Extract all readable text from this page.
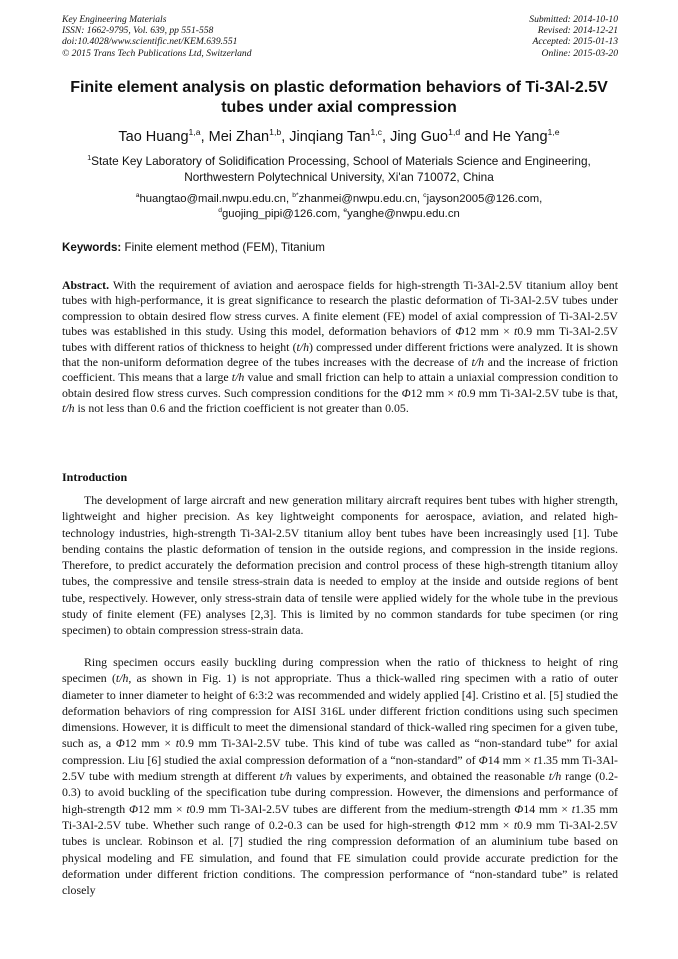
Key Engineering Materials
ISSN: 1662-9795, Vol. 639, pp 551-558
doi:10.4028/www.scientific.net/KEM.639.551
© 2015 Trans Tech Publications Ltd, Switzerland
Submitted: 2014-10-10
Revised: 2014-12-21
Accepted: 2015-01-13
Online: 2015-03-20
Finite element analysis on plastic deformation behaviors of Ti-3Al-2.5V
tubes under axial compression
Tao Huang$^{1,a}$, Mei Zhan$^{1,b}$, Jinqiang Tan$^{1,c}$, Jing Guo$^{1,d}$ and He Yang$^{1,e}$
$^1$State Key Laboratory of Solidification Processing, School of Materials Science and Engineering,
Northwestern Polytechnical University, Xi'an 710072, China
$^a$huangtao@mail.nwpu.edu.cn, $^{b*}$zhanmei@nwpu.edu.cn, $^c$jayson2005@126.com,
$^d$guojing_pipi@126.com, $^e$yanghe@nwpu.edu.cn
Keywords: Finite element method (FEM), Titanium

Abstract. With the requirement of aviation and aerospace fields for high-strength Ti-3Al-2.5V titanium alloy bent tubes with high-performance, it is great significance to research the plastic deformation of Ti-3Al-2.5V tubes under compression to obtain desired flow stress curves. A finite element (FE) model of axial compression of Ti-3Al-2.5V tubes was established in this study. Using this model, deformation behaviors of Φ12 mm × t0.9 mm Ti-3Al-2.5V tubes with different ratios of thickness to height (t/h) compressed under different frictions were analyzed. It is shown that the non-uniform deformation degree of the tubes increases with the decrease of t/h and the increase of friction coefficient. This means that a large t/h value and small friction can help to attain a uniaxial compression condition to obtain desired flow stress curves. Such compression conditions for the Φ12 mm × t0.9 mm Ti-3Al-2.5V tube is that, t/h is not less than 0.6 and the friction coefficient is not greater than 0.05.

Introduction

The development of large aircraft and new generation military aircraft requires bent tubes with higher strength, lightweight and higher precision. As key lightweight components for aerospace, aviation, and related high-technology industries, high-strength Ti-3Al-2.5V titanium alloy bent tubes have been increasingly used [1]. Tube bending contains the plastic deformation of tension in the outside regions, and compression in the inside regions. Therefore, to predict accurately the deformation precision and control process of these high-strength titanium alloy tubes, the compressive and tensile stress-strain data is needed to employ at the inside and outside regions of bent tube, respectively. However, only stress-strain data of tensile were applied widely for the whole tube in the previous study of finite element (FE) analyses [2,3]. This is limited by no common standards for tube specimen (or ring specimen) to obtain compression stress-strain data.

Ring specimen occurs easily buckling during compression when the ratio of thickness to height of ring specimen (t/h, as shown in Fig. 1) is not appropriate. Thus a thick-walled ring specimen with a ratio of outer diameter to inner diameter to height of 6:3:2 was recommended and widely applied [4]. Cristino et al. [5] studied the deformation behaviors of ring compression for AISI 316L under different friction conditions using such specimen dimensions. However, it is difficult to meet the dimensional standard of thick-walled ring specimen for a given tube, such as, a Φ12 mm × t0.9 mm Ti-3Al-2.5V tube. This kind of tube was called as “non-standard tube” for axial compression. Liu [6] studied the axial compression deformation of a “non-standard” of Φ14 mm × t1.35 mm Ti-3Al-2.5V tube with medium strength at different t/h values by experiments, and obtained the reasonable t/h range (0.2-0.3) to avoid buckling of the specification tube during compression. However, the dimensions and performance of high-strength Φ12 mm × t0.9 mm Ti-3Al-2.5V tubes are different from the medium-strength Φ14 mm × t1.35 mm Ti-3Al-2.5V tube. Whether such range of 0.2-0.3 can be used for high-strength Φ12 mm × t0.9 mm Ti-3Al-2.5V tubes is unclear. Robinson et al. [7] studied the ring compression deformation of an aluminium tube based on physical modeling and FE simulation, and found that FE simulation could provide accurate prediction for the deformation under different friction conditions. The compression performance of “non-standard tube” is related closely
